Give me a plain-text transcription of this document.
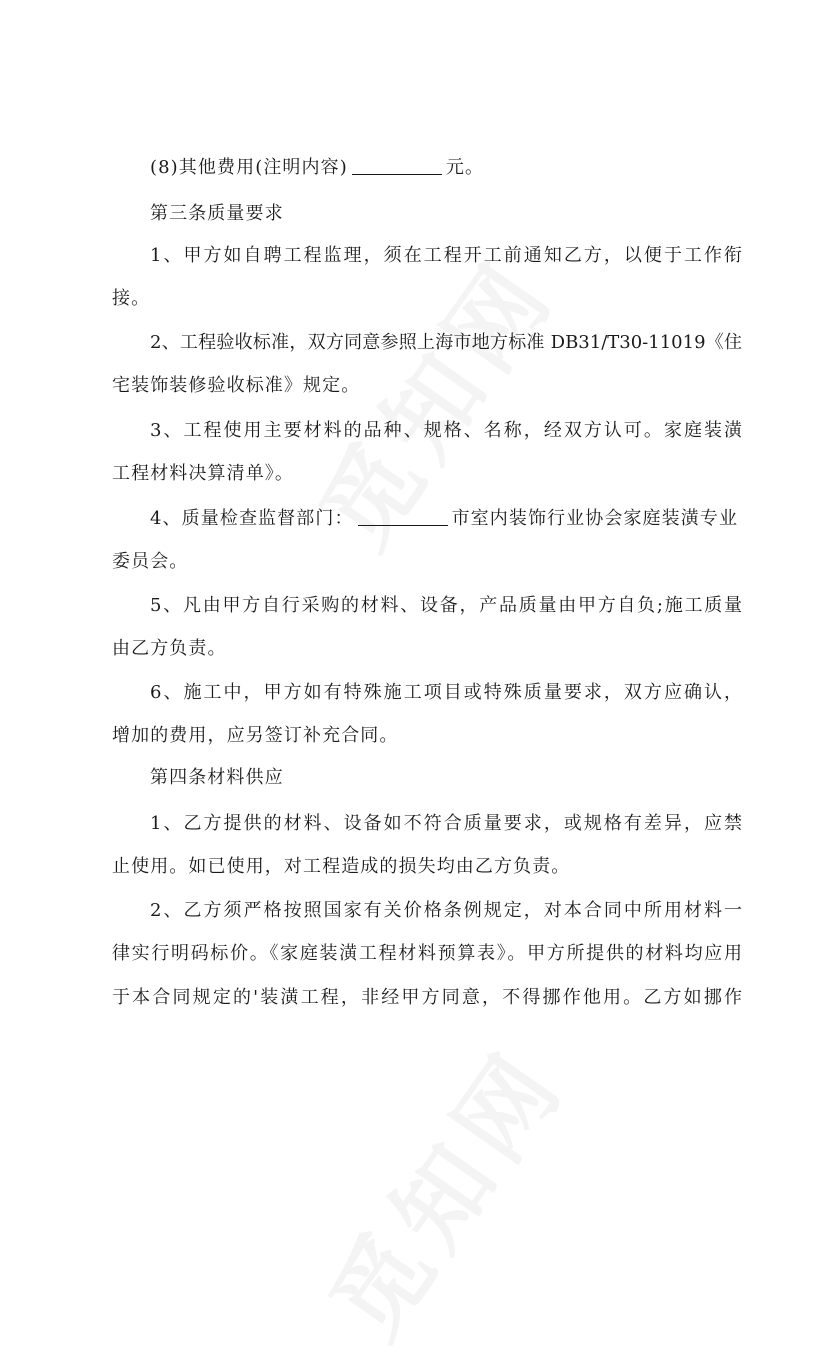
(8)其他费用(注明内容)	元。
第三条质量要求
1、甲方如自聘工程监理，须在工程开工前通知乙方，以便于工作衔
接。
2、工程验收标准，双方同意参照上海市地方标准 DB31/T30-11019《住
宅装饰装修验收标准》规定。
3、工程使用主要材料的品种、规格、名称，经双方认可。家庭装潢
工程材料决算清单》。
4、质量检查监督部门：	市室内装饰行业协会家庭装潢专业
委员会。
5、凡由甲方自行采购的材料、设备，产品质量由甲方自负;施工质量
由乙方负责。
6、施工中，甲方如有特殊施工项目或特殊质量要求，双方应确认，
增加的费用，应另签订补充合同。
第四条材料供应
1、乙方提供的材料、设备如不符合质量要求，或规格有差异，应禁
止使用。如已使用，对工程造成的损失均由乙方负责。
2、乙方须严格按照国家有关价格条例规定，对本合同中所用材料一
律实行明码标价。《家庭装潢工程材料预算表》。甲方所提供的材料均应用
于本合同规定的'装潢工程，非经甲方同意，不得挪作他用。乙方如挪作
